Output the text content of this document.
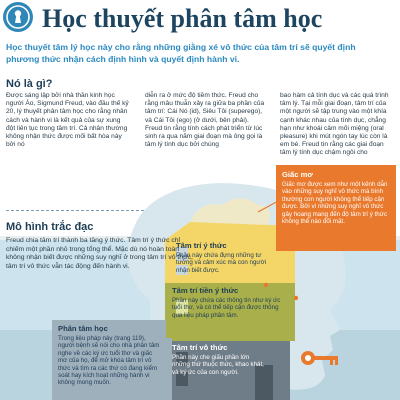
Học thuyết phân tâm học
Học thuyết tâm lý học này cho rằng những giằng xé vô thức của tâm trí sẽ quyết định phương thức nhận cách định hình và quyết định hành vi.
Nó là gì?
Được sáng lập bởi nhà thần kinh học người Áo, Sigmund Freud, vào đầu thế kỷ 20, lý thuyết phân tâm học cho rằng nhân cách và hành vi là kết quả của sự xung đột liên tục trong tâm trí. Cả nhân thường không nhận thức được mối bất hòa này bởi nó
diễn ra ở mức độ tiềm thức. Freud cho rằng mâu thuẫn xảy ra giữa ba phần của tâm trí: Cái Nó (id), Siêu Tôi (superego), và Cái Tôi (ego) (ở dưới, bên phải).
Freud tin rằng tính cách phát triển từ lúc sinh ra qua năm giai đoạn mà ông gọi là tâm lý tính dục bởi chúng
bao hàm cả tính dục và các quá trình tâm lý. Tại mỗi giai đoạn, tâm trí của một người sẽ tập trung vào một khía cạnh khác nhau của tính dục, chẳng hạn như khoái cảm mối miệng (oral pleasure) khi mút ngón tay lúc còn là em bé. Freud tin rằng các giai đoạn tâm lý tính dục chậm ngôi cho
Mô hình trắc đạc
Freud chia tâm trí thành ba tầng ý thức. Tâm trí ý thức chỉ chiếm một phần nhỏ trong tổng thể. Mặc dù nó hoàn toàn không nhận biết được những suy nghĩ ở trong tâm trí vô thức, tâm trí vô thức vẫn tác động đến hành vi.
Giấc mơ
Giấc mơ được xem như một kênh dẫn vào những suy nghĩ vô thức mà bình thường con người không thể tiếp cận được. Bởi vì những suy nghĩ vô thức gây hoang mang đến độ tâm trí ý thức không thể nào đối mặt.
Tâm trí ý thức
Phần này chứa đựng những tư tưởng và cảm xúc mà con người nhận biết được.
Tâm trí tiền ý thức
Phần này chứa các thông tin như ký ức tuổi thơ, và có thể tiếp cận được thông qua liệu pháp phân tâm.
Tâm trí vô thức
Phần này che giấu phần lớn những thứ thuộc thức, khao khát, và ký ức của con người.
Phân tâm học
Trong liệu pháp này (trang 119), người bệnh sẽ nói cho nhà phân tâm nghe về các ký ức tuổi thơ và giấc mơ của họ, để mở khóa tâm trí vô thức và tìm ra các thứ có đang kiểm soát hay kích hoạt những hành vi không mong muốn.
